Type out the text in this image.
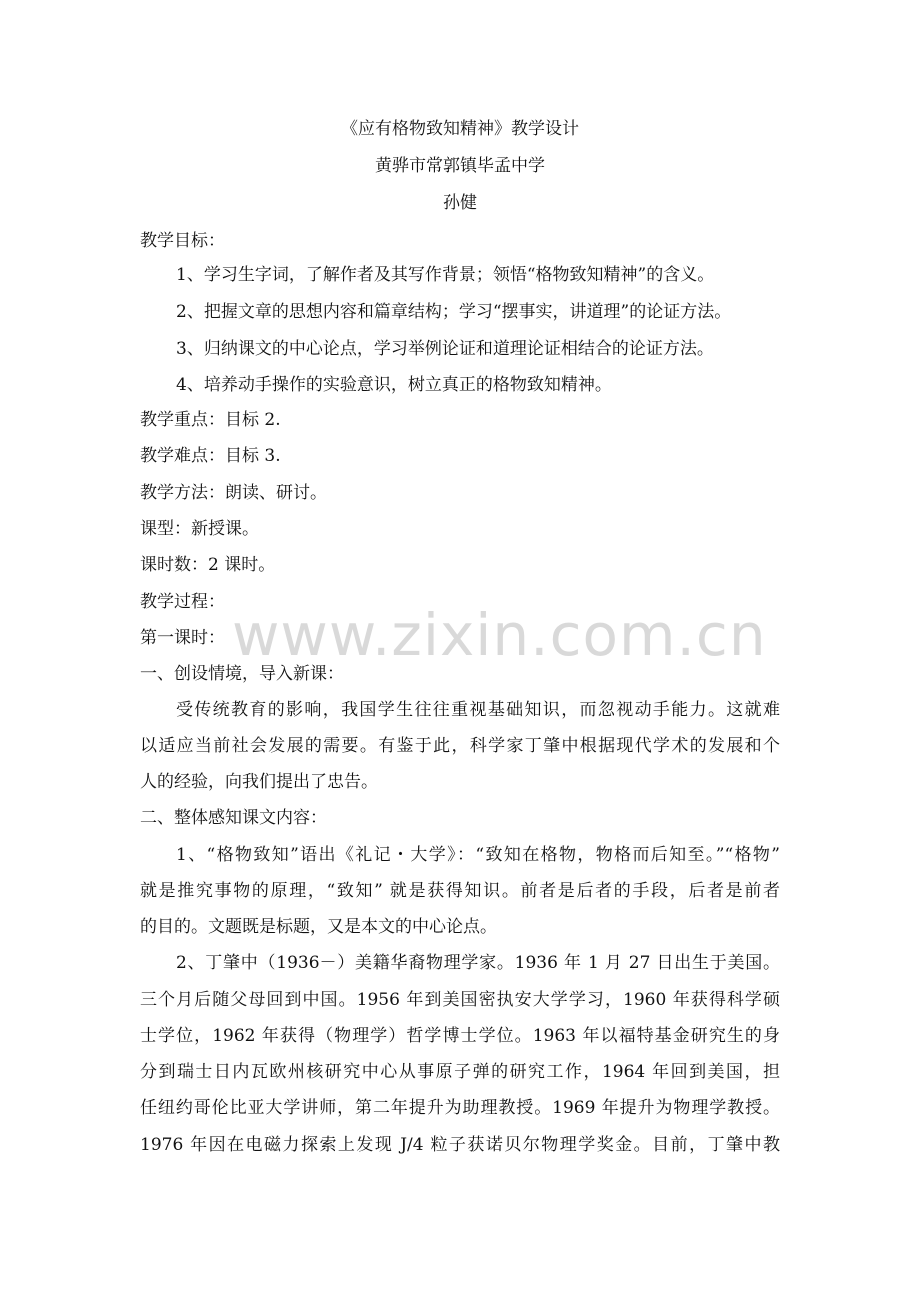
www.zixin.com.cn
《应有格物致知精神》教学设计
黄骅市常郭镇毕孟中学
孙健
教学目标：
1、学习生字词，了解作者及其写作背景；领悟“格物致知精神”的含义。
2、把握文章的思想内容和篇章结构；学习“摆事实，讲道理”的论证方法。
3、归纳课文的中心论点，学习举例论证和道理论证相结合的论证方法。
4、培养动手操作的实验意识，树立真正的格物致知精神。
教学重点：目标 2.
教学难点：目标 3.
教学方法：朗读、研讨。
课型：新授课。
课时数：2 课时。
教学过程：
第一课时：
一、创设情境，导入新课：
受传统教育的影响，我国学生往往重视基础知识，而忽视动手能力。这就难
以适应当前社会发展的需要。有鉴于此，科学家丁肇中根据现代学术的发展和个
人的经验，向我们提出了忠告。
二、整体感知课文内容：
1、“格物致知”语出《礼记・大学》：“致知在格物，物格而后知至。”“格物”
就是推究事物的原理，“致知” 就是获得知识。前者是后者的手段，后者是前者
的目的。文题既是标题，又是本文的中心论点。
2、丁肇中（1936－）美籍华裔物理学家。1936 年 1 月 27 日出生于美国。
三个月后随父母回到中国。1956 年到美国密执安大学学习，1960 年获得科学硕
士学位，1962 年获得（物理学）哲学博士学位。1963 年以福特基金研究生的身
分到瑞士日内瓦欧州核研究中心从事原子弹的研究工作，1964 年回到美国，担
任纽约哥伦比亚大学讲师，第二年提升为助理教授。1969 年提升为物理学教授。
1976 年因在电磁力探索上发现 J/4 粒子获诺贝尔物理学奖金。目前，丁肇中教
